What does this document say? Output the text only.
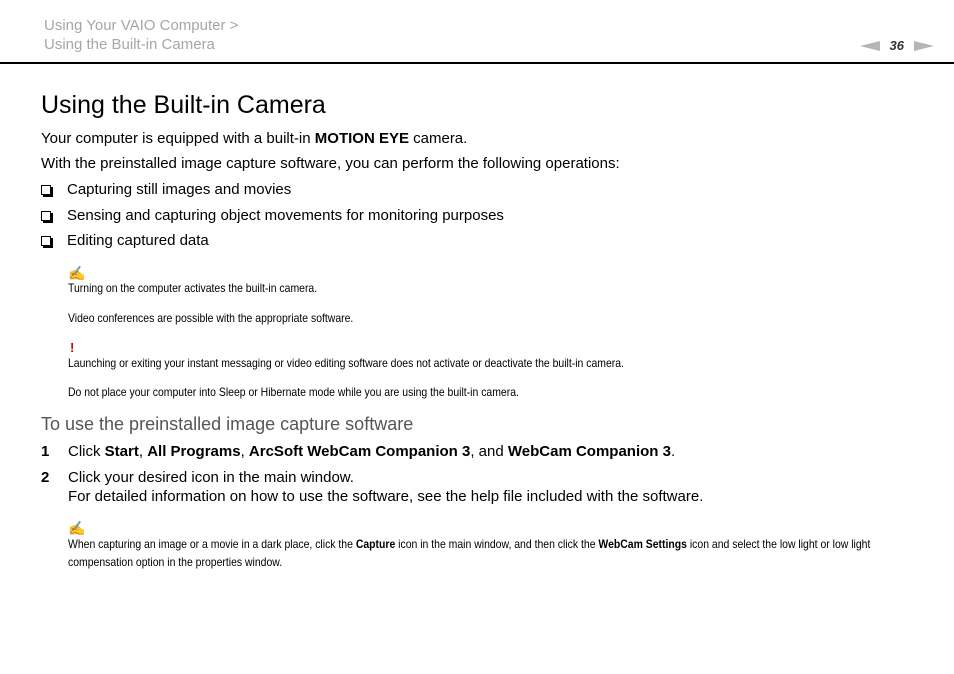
Using Your VAIO Computer >
Using the Built-in Camera	36
Using the Built-in Camera
Your computer is equipped with a built-in MOTION EYE camera.
With the preinstalled image capture software, you can perform the following operations:
Capturing still images and movies
Sensing and capturing object movements for monitoring purposes
Editing captured data
✍
Turning on the computer activates the built-in camera.
Video conferences are possible with the appropriate software.
!
Launching or exiting your instant messaging or video editing software does not activate or deactivate the built-in camera.
Do not place your computer into Sleep or Hibernate mode while you are using the built-in camera.
To use the preinstalled image capture software
1 Click Start, All Programs, ArcSoft WebCam Companion 3, and WebCam Companion 3.
2 Click your desired icon in the main window.
For detailed information on how to use the software, see the help file included with the software.
✍
When capturing an image or a movie in a dark place, click the Capture icon in the main window, and then click the WebCam Settings icon and select the low light or low light compensation option in the properties window.
